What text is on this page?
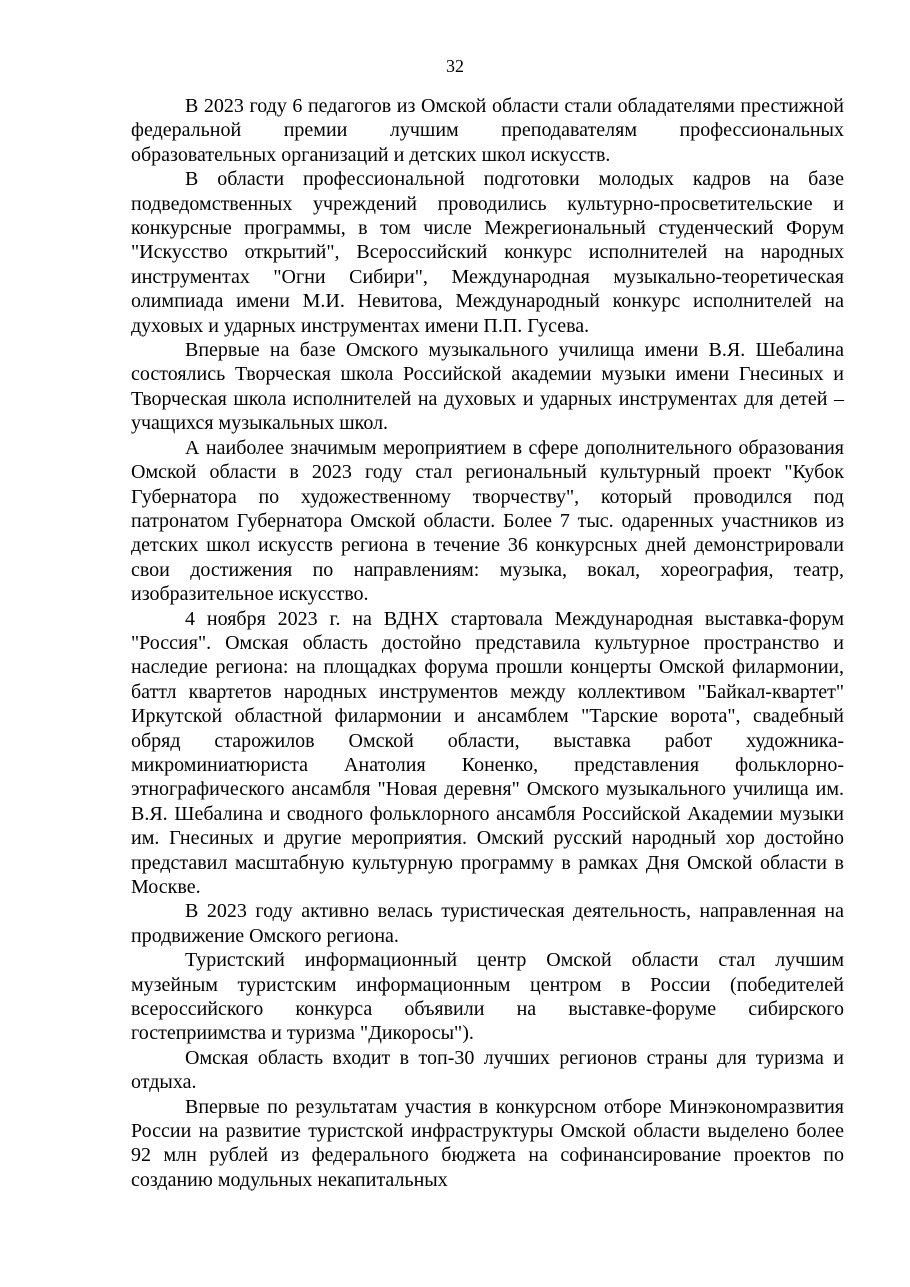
32

В 2023 году 6 педагогов из Омской области стали обладателями престижной федеральной премии лучшим преподавателям профессиональных образовательных организаций и детских школ искусств.

В области профессиональной подготовки молодых кадров на базе подведомственных учреждений проводились культурно-просветительские и конкурсные программы, в том числе Межрегиональный студенческий Форум "Искусство открытий", Всероссийский конкурс исполнителей на народных инструментах "Огни Сибири", Международная музыкально-теоретическая олимпиада имени М.И. Невитова, Международный конкурс исполнителей на духовых и ударных инструментах имени П.П. Гусева.

Впервые на базе Омского музыкального училища имени В.Я. Шебалина состоялись Творческая школа Российской академии музыки имени Гнесиных и Творческая школа исполнителей на духовых и ударных инструментах для детей – учащихся музыкальных школ.

А наиболее значимым мероприятием в сфере дополнительного образования Омской области в 2023 году стал региональный культурный проект "Кубок Губернатора по художественному творчеству", который проводился под патронатом Губернатора Омской области. Более 7 тыс. одаренных участников из детских школ искусств региона в течение 36 конкурсных дней демонстрировали свои достижения по направлениям: музыка, вокал, хореография, театр, изобразительное искусство.

4 ноября 2023 г. на ВДНХ стартовала Международная выставка-форум "Россия". Омская область достойно представила культурное пространство и наследие региона: на площадках форума прошли концерты Омской филармонии, баттл квартетов народных инструментов между коллективом "Байкал-квартет" Иркутской областной филармонии и ансамблем "Тарские ворота", свадебный обряд старожилов Омской области, выставка работ художника-микроминиатюриста Анатолия Коненко, представления фольклорно-этнографического ансамбля "Новая деревня" Омского музыкального училища им. В.Я. Шебалина и сводного фольклорного ансамбля Российской Академии музыки им. Гнесиных и другие мероприятия. Омский русский народный хор достойно представил масштабную культурную программу в рамках Дня Омской области в Москве.

В 2023 году активно велась туристическая деятельность, направленная на продвижение Омского региона.

Туристский информационный центр Омской области стал лучшим музейным туристским информационным центром в России (победителей всероссийского конкурса объявили на выставке-форуме сибирского гостеприимства и туризма "Дикоросы").

Омская область входит в топ-30 лучших регионов страны для туризма и отдыха.

Впервые по результатам участия в конкурсном отборе Минэкономразвития России на развитие туристской инфраструктуры Омской области выделено более 92 млн рублей из федерального бюджета на софинансирование проектов по созданию модульных некапитальных
